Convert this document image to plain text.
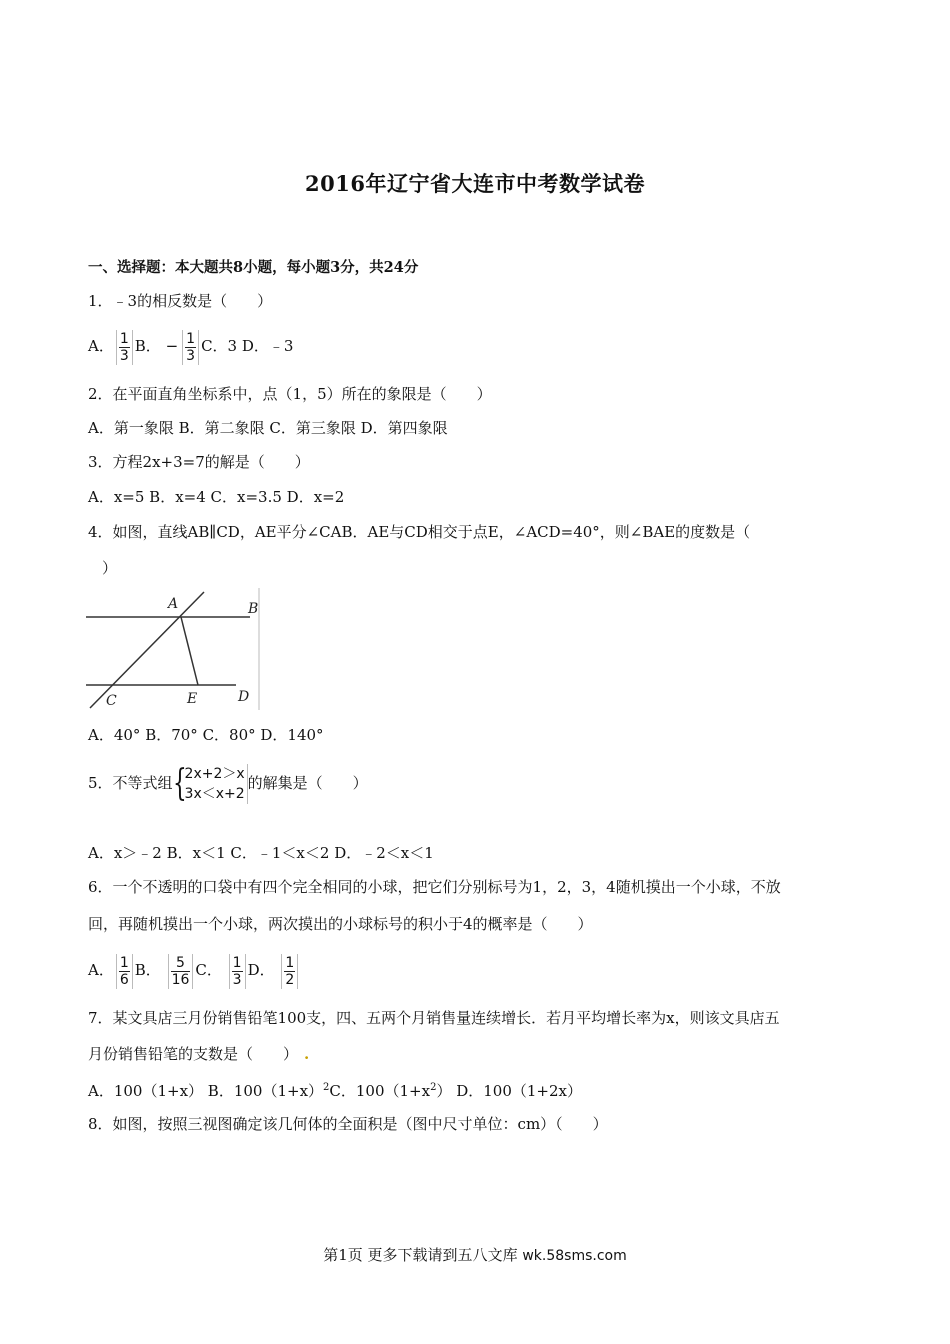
2016年辽宁省大连市中考数学试卷
一、选择题：本大题共8小题，每小题3分，共24分
1．﹣3的相反数是（　　）
A． $\frac{1}{3}$ B． − $\frac{1}{3}$ C．3 D．﹣3
2．在平面直角坐标系中，点（1，5）所在的象限是（　　）
A．第一象限 B．第二象限 C．第三象限 D．第四象限
3．方程2x+3=7的解是（　　）
A．x=5 B．x=4 C．x=3.5 D．x=2
4．如图，直线AB∥CD，AE平分∠CAB．AE与CD相交于点E，∠ACD=40°，则∠BAE的度数是（
）
A	B
C	E	D
A．40° B．70° C．80° D．140°
5．不等式组 {
2x+2＞x
3x＜x+2
的解集是（　　）
A．x＞﹣2 B．x＜1 C．﹣1＜x＜2 D．﹣2＜x＜1
6．一个不透明的口袋中有四个完全相同的小球，把它们分别标号为1，2，3，4随机摸出一个小球，不放
回，再随机摸出一个小球，两次摸出的小球标号的积小于4的概率是（　　）
A． $\frac{1}{6}$ B． $\frac{5}{16}$ C． $\frac{1}{3}$ D． $\frac{1}{2}$
7．某文具店三月份销售铅笔100支，四、五两个月销售量连续增长．若月平均增长率为x，则该文具店五
月份销售铅笔的支数是（　　） .
A．100（1+x） B．$100(1+x)^2C$．$100(1+x^2)$ D．100（1+2x）
8．如图，按照三视图确定该几何体的全面积是（图中尺寸单位：cm）（　　）
第1页 更多下载请到五八文库 wk.58sms.com
